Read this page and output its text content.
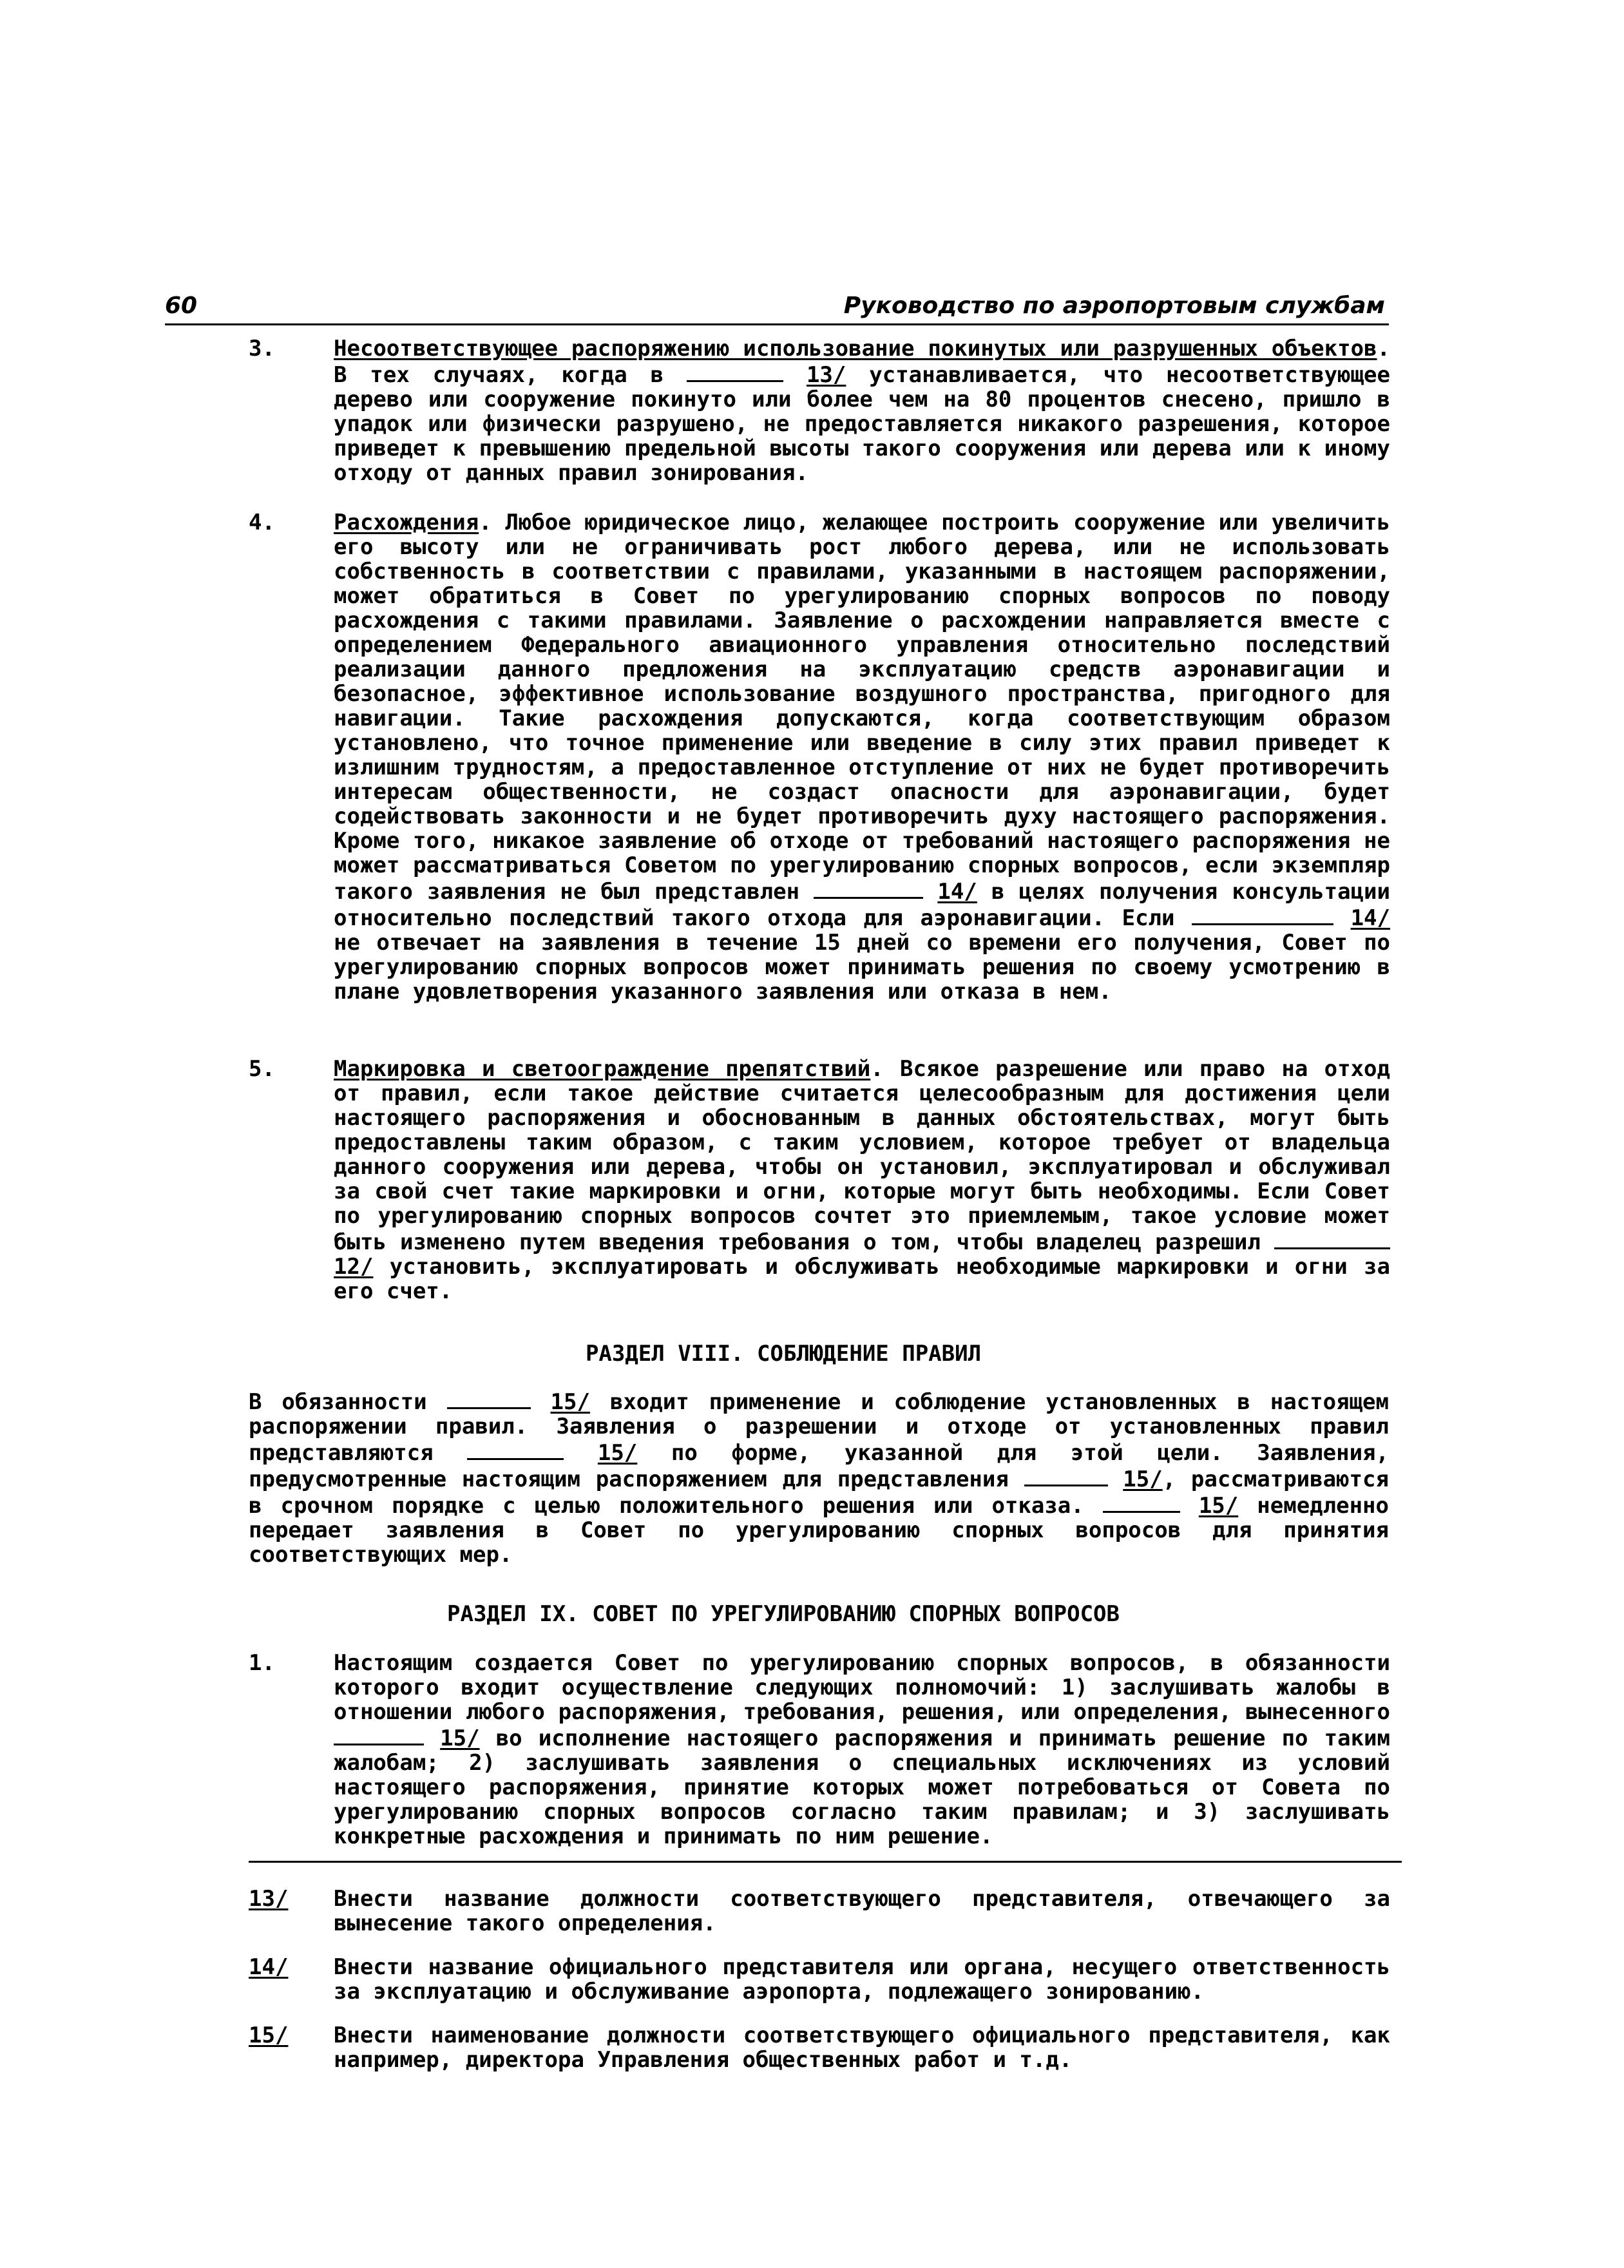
60	Руководство по аэропортовым службам
3.	Несоответствующее распоряжению использование покинутых или разрушенных объектов. В тех случаях, когда в	13/ устанавливается, что несоответствующее дерево или сооружение покинуто или более чем на 80 процентов снесено, пришло в упадок или физически разрушено, не предоставляется никакого разрешения, которое приведет к превышению предельной высоты такого сооружения или дерева или к иному отходу от данных правил зонирования.
4.	Расхождения. Любое юридическое лицо, желающее построить сооружение или увеличить его высоту или не ограничивать рост любого дерева, или не использовать собственность в соответствии с правилами, указанными в настоящем распоряжении, может обратиться в Совет по урегулированию спорных вопросов по поводу расхождения с такими правилами. Заявление о расхождении направляется вместе с определением Федерального авиационного управления относительно последствий реализации данного предложения на эксплуатацию средств аэронавигации и безопасное, эффективное использование воздушного пространства, пригодного для навигации. Такие расхождения допускаются, когда соответствующим образом установлено, что точное применение или введение в силу этих правил приведет к излишним трудностям, а предоставленное отступление от них не будет противоречить интересам общественности, не создаст опасности для аэронавигации, будет содействовать законности и не будет противоречить духу настоящего распоряжения. Кроме того, никакое заявление об отходе от требований настоящего распоряжения не может рассматриваться Советом по урегулированию спорных вопросов, если экземпляр такого заявления не был представлен	14/ в целях получения консультации относительно последствий такого отхода для аэронавигации. Если	14/ не отвечает на заявления в течение 15 дней со времени его получения, Совет по урегулированию спорных вопросов может принимать решения по своему усмотрению в плане удовлетворения указанного заявления или отказа в нем.
5.	Маркировка и светоограждение препятствий. Всякое разрешение или право на отход от правил, если такое действие считается целесообразным для достижения цели настоящего распоряжения и обоснованным в данных обстоятельствах, могут быть предоставлены таким образом, с таким условием, которое требует от владельца данного сооружения или дерева, чтобы он установил, эксплуатировал и обслуживал за свой счет такие маркировки и огни, которые могут быть необходимы. Если Совет по урегулированию спорных вопросов сочтет это приемлемым, такое условие может быть изменено путем введения требования о том, чтобы владелец разрешил  12/ установить, эксплуатировать и обслуживать необходимые маркировки и огни за его счет.
РАЗДЕЛ VIII. СОБЛЮДЕНИЕ ПРАВИЛ
В обязанности	15/ входит применение и соблюдение установленных в настоящем распоряжении правил. Заявления о разрешении и отходе от установленных правил представляются	15/ по форме, указанной для этой цели. Заявления, предусмотренные настоящим распоряжением для представления	15/, рассматриваются в срочном порядке с целью положительного решения или отказа.	15/ немедленно передает заявления в Совет по урегулированию спорных вопросов для принятия соответствующих мер.
РАЗДЕЛ IX. СОВЕТ ПО УРЕГУЛИРОВАНИЮ СПОРНЫХ ВОПРОСОВ
1.	Настоящим создается Совет по урегулированию спорных вопросов, в обязанности которого входит осуществление следующих полномочий: 1) заслушивать жалобы в отношении любого распоряжения, требования, решения, или определения, вынесенного  15/ во исполнение настоящего распоряжения и принимать решение по таким жалобам; 2) заслушивать заявления о специальных исключениях из условий настоящего распоряжения, принятие которых может потребоваться от Совета по урегулированию спорных вопросов согласно таким правилам; и 3) заслушивать конкретные расхождения и принимать по ним решение.
13/ Внести название должности соответствующего представителя, отвечающего за вынесение такого определения.
14/ Внести название официального представителя или органа, несущего ответственность за эксплуатацию и обслуживание аэропорта, подлежащего зонированию.
15/ Внести наименование должности соответствующего официального представителя, как например, директора Управления общественных работ и т.д.
